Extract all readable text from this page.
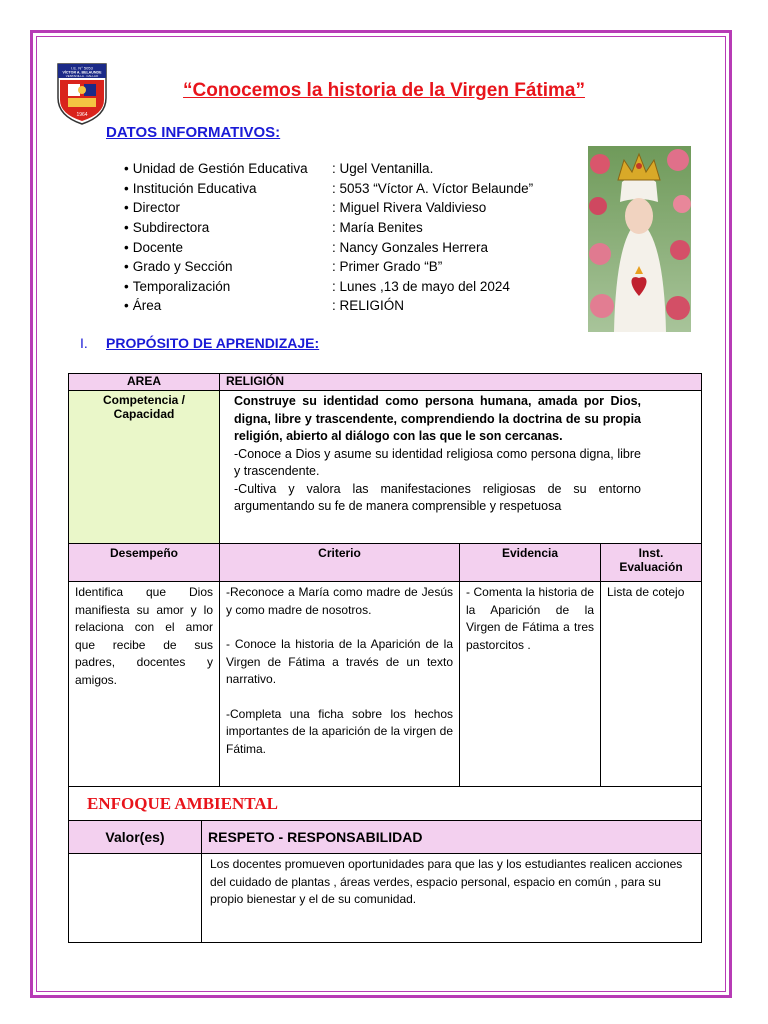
I.E. N° 5053
VÍCTOR A. BELAUNDE
VENTANILLA · CALLAO
1964
“Conocemos la historia de la Virgen Fátima”
DATOS INFORMATIVOS:
• Unidad de Gestión Educativa	: Ugel Ventanilla.
• Institución Educativa	: 5053 “Víctor A. Víctor Belaunde”
• Director	: Miguel Rivera Valdivieso
• Subdirectora	: María Benites
• Docente	: Nancy Gonzales Herrera
• Grado y Sección	: Primer Grado “B”
• Temporalización	: Lunes ,13 de mayo del 2024
• Área	: RELIGIÓN
I. PROPÓSITO DE APRENDIZAJE:
AREA	RELIGIÓN		
Competencia / Capacidad	Construye su identidad como persona humana, amada por Dios, digna, libre y trascendente, comprendiendo la doctrina de su propia religión, abierto al diálogo con las que le son cercanas.
-Conoce a Dios y asume su identidad religiosa como persona digna, libre y trascendente.
-Cultiva y valora las manifestaciones religiosas de su entorno argumentando su fe de manera comprensible y respetuosa		

Desempeño	Criterio	Evidencia	Inst. Evaluación
Identifica que Dios manifiesta su amor y lo relaciona con el amor que recibe de sus padres, docentes y amigos.	-Reconoce a María como madre de Jesús y como madre de nosotros.
- Conoce la historia de la Aparición de la Virgen de Fátima a través de un texto narrativo.
-Completa una ficha sobre los hechos importantes de la aparición de la virgen de Fátima.	- Comenta la historia de la Aparición de la Virgen de Fátima a tres pastorcitos .	Lista de cotejo
ENFOQUE AMBIENTAL	
Valor(es)	RESPETO - RESPONSABILIDAD
	Los docentes promueven oportunidades para que las y los estudiantes realicen acciones del cuidado de plantas , áreas verdes, espacio personal, espacio en común , para su propio bienestar y el de su comunidad.
